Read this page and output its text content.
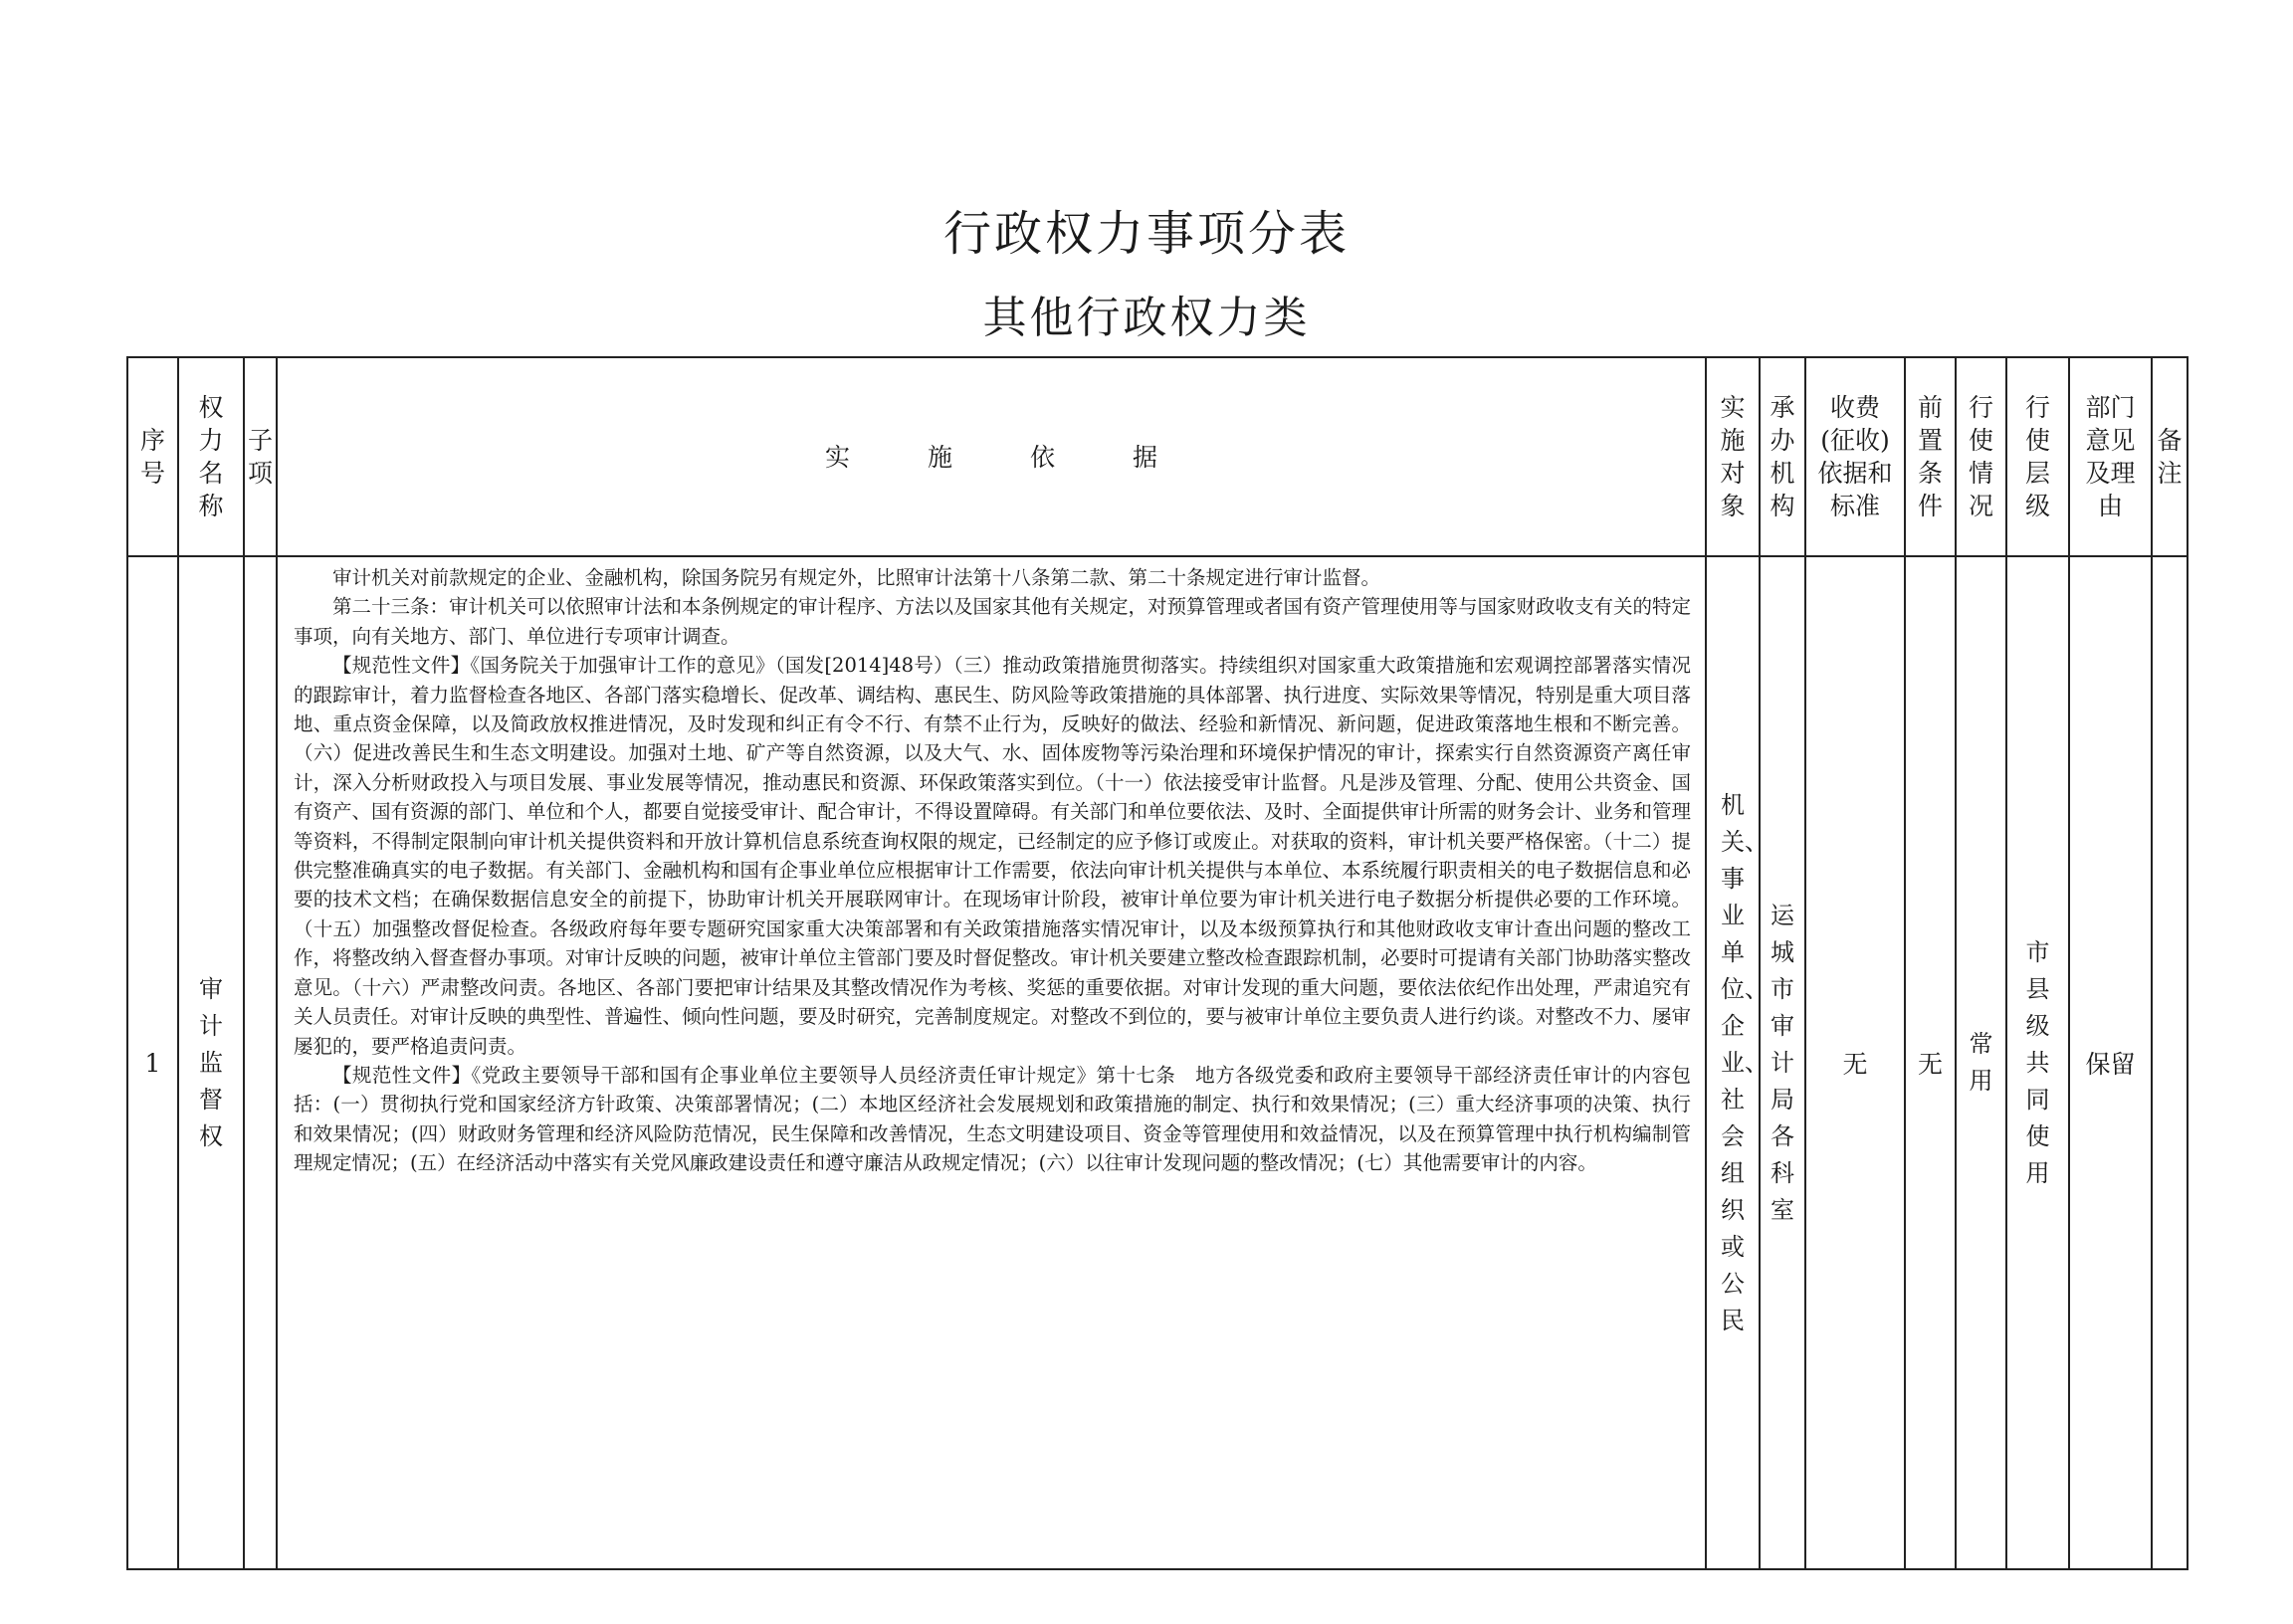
行政权力事项分表
其他行政权力类
序号	权力名称	子项	实施依据	实施对象	承办机构	收费(征收)依据和标准	前置条件	行使情况	行使层级	部门意见及理由	备注
1	审计监督权		审计机关对前款规定的企业、金融机构，除国务院另有规定外，比照审计法第十八条第二款、第二十条规定进行审计监督。

第二十三条：审计机关可以依照审计法和本条例规定的审计程序、方法以及国家其他有关规定，对预算管理或者国有资产管理使用等与国家财政收支有关的特定事项，向有关地方、部门、单位进行专项审计调查。

【规范性文件】《国务院关于加强审计工作的意见》（国发[2014]48号）（三）推动政策措施贯彻落实。持续组织对国家重大政策措施和宏观调控部署落实情况的跟踪审计，着力监督检查各地区、各部门落实稳增长、促改革、调结构、惠民生、防风险等政策措施的具体部署、执行进度、实际效果等情况，特别是重大项目落地、重点资金保障，以及简政放权推进情况，及时发现和纠正有令不行、有禁不止行为，反映好的做法、经验和新情况、新问题，促进政策落地生根和不断完善。（六）促进改善民生和生态文明建设。加强对土地、矿产等自然资源，以及大气、水、固体废物等污染治理和环境保护情况的审计，探索实行自然资源资产离任审计，深入分析财政投入与项目发展、事业发展等情况，推动惠民和资源、环保政策落实到位。（十一）依法接受审计监督。凡是涉及管理、分配、使用公共资金、国有资产、国有资源的部门、单位和个人，都要自觉接受审计、配合审计，不得设置障碍。有关部门和单位要依法、及时、全面提供审计所需的财务会计、业务和管理等资料，不得制定限制向审计机关提供资料和开放计算机信息系统查询权限的规定，已经制定的应予修订或废止。对获取的资料，审计机关要严格保密。（十二）提供完整准确真实的电子数据。有关部门、金融机构和国有企事业单位应根据审计工作需要，依法向审计机关提供与本单位、本系统履行职责相关的电子数据信息和必要的技术文档；在确保数据信息安全的前提下，协助审计机关开展联网审计。在现场审计阶段，被审计单位要为审计机关进行电子数据分析提供必要的工作环境。（十五）加强整改督促检查。各级政府每年要专题研究国家重大决策部署和有关政策措施落实情况审计，以及本级预算执行和其他财政收支审计查出问题的整改工作，将整改纳入督查督办事项。对审计反映的问题，被审计单位主管部门要及时督促整改。审计机关要建立整改检查跟踪机制，必要时可提请有关部门协助落实整改意见。（十六）严肃整改问责。各地区、各部门要把审计结果及其整改情况作为考核、奖惩的重要依据。对审计发现的重大问题，要依法依纪作出处理，严肃追究有关人员责任。对审计反映的典型性、普遍性、倾向性问题，要及时研究，完善制度规定。对整改不到位的，要与被审计单位主要负责人进行约谈。对整改不力、屡审屡犯的，要严格追责问责。

【规范性文件】《党政主要领导干部和国有企事业单位主要领导人员经济责任审计规定》第十七条　地方各级党委和政府主要领导干部经济责任审计的内容包括：(一）贯彻执行党和国家经济方针政策、决策部署情况；(二）本地区经济社会发展规划和政策措施的制定、执行和效果情况；(三）重大经济事项的决策、执行和效果情况；(四）财政财务管理和经济风险防范情况，民生保障和改善情况，生态文明建设项目、资金等管理使用和效益情况，以及在预算管理中执行机构编制管理规定情况；(五）在经济活动中落实有关党风廉政建设责任和遵守廉洁从政规定情况；(六）以往审计发现问题的整改情况；(七）其他需要审计的内容。	机关、事业单位、企业、社会组织或公民	运城市审计局各科室	无	无	常用	市县级共同使用	保留	
